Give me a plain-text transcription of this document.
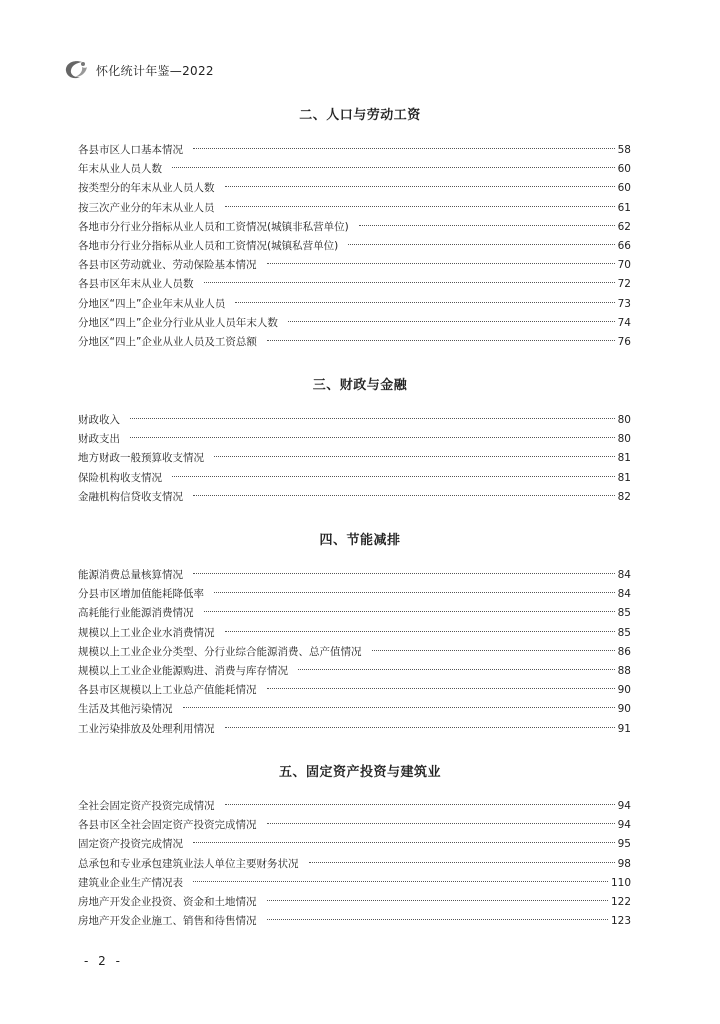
怀化统计年鉴—2022
二、人口与劳动工资
各县市区人口基本情况	58
年末从业人员人数	60
按类型分的年末从业人员人数	60
按三次产业分的年末从业人员	61
各地市分行业分指标从业人员和工资情况(城镇非私营单位)	62
各地市分行业分指标从业人员和工资情况(城镇私营单位)	66
各县市区劳动就业、劳动保险基本情况	70
各县市区年末从业人员数	72
分地区“四上”企业年末从业人员	73
分地区“四上”企业分行业从业人员年末人数	74
分地区“四上”企业从业人员及工资总额	76
三、财政与金融
财政收入	80
财政支出	80
地方财政一般预算收支情况	81
保险机构收支情况	81
金融机构信贷收支情况	82
四、节能减排
能源消费总量核算情况	84
分县市区增加值能耗降低率	84
高耗能行业能源消费情况	85
规模以上工业企业水消费情况	85
规模以上工业企业分类型、分行业综合能源消费、总产值情况	86
规模以上工业企业能源购进、消费与库存情况	88
各县市区规模以上工业总产值能耗情况	90
生活及其他污染情况	90
工业污染排放及处理利用情况	91
五、固定资产投资与建筑业
全社会固定资产投资完成情况	94
各县市区全社会固定资产投资完成情况	94
固定资产投资完成情况	95
总承包和专业承包建筑业法人单位主要财务状况	98
建筑业企业生产情况表	110
房地产开发企业投资、资金和土地情况	122
房地产开发企业施工、销售和待售情况	123
- 2 -
